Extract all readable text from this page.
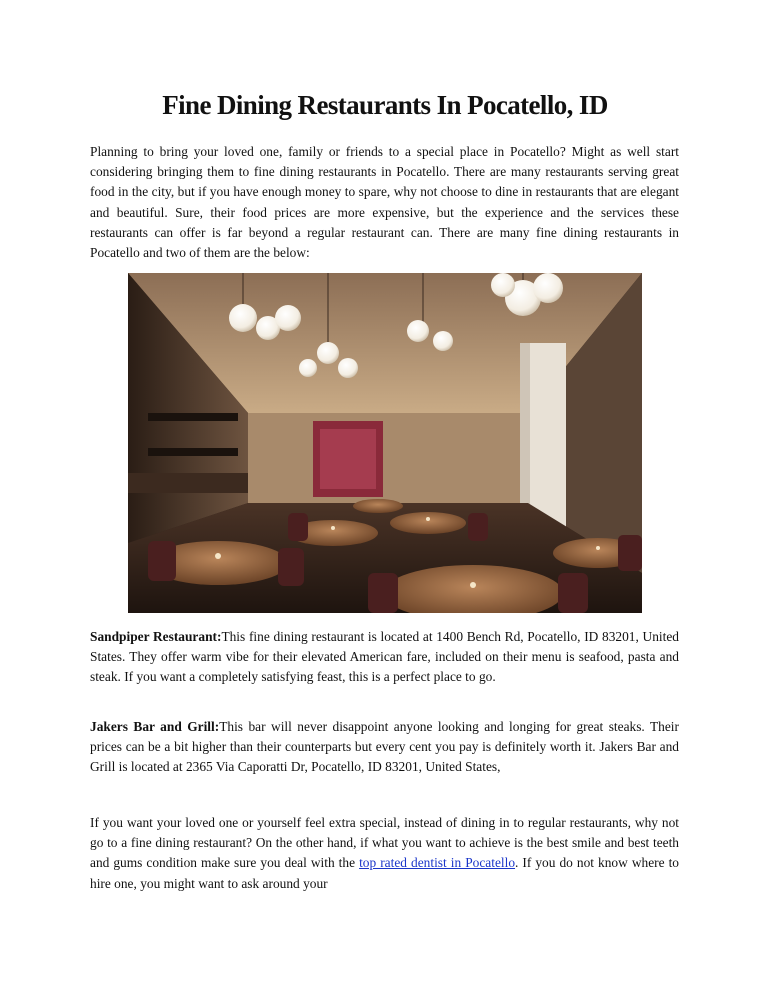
Fine Dining Restaurants In Pocatello, ID

Planning to bring your loved one, family or friends to a special place in Pocatello? Might as well start considering bringing them to fine dining restaurants in Pocatello. There are many restaurants serving great food in the city, but if you have enough money to spare, why not choose to dine in restaurants that are elegant and beautiful. Sure, their food prices are more expensive, but the experience and the services these restaurants can offer is far beyond a regular restaurant can. There are many fine dining restaurants in Pocatello and two of them are the below:

Sandpiper Restaurant:This fine dining restaurant is located at 1400 Bench Rd, Pocatello, ID 83201, United States. They offer warm vibe for their elevated American fare, included on their menu is seafood, pasta and steak. If you want a completely satisfying feast, this is a perfect place to go.

Jakers Bar and Grill:This bar will never disappoint anyone looking and longing for great steaks. Their prices can be a bit higher than their counterparts but every cent you pay is definitely worth it. Jakers Bar and Grill is located at 2365 Via Caporatti Dr, Pocatello, ID 83201, United States,

If you want your loved one or yourself feel extra special, instead of dining in to regular restaurants, why not go to a fine dining restaurant? On the other hand, if what you want to achieve is the best smile and best teeth and gums condition make sure you deal with the top rated dentist in Pocatello. If you do not know where to hire one, you might want to ask around your
